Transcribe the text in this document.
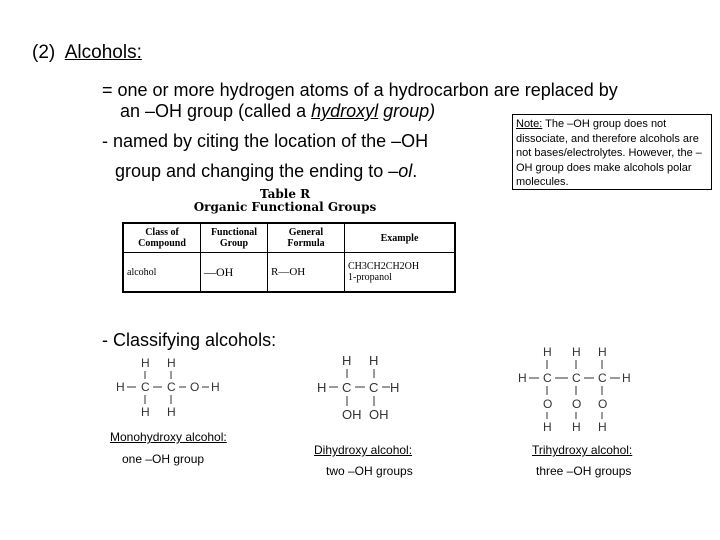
(2) Alcohols:
= one or more hydrogen atoms of a hydrocarbon are replaced by
an –OH group (called a hydroxyl group)
- named by citing the location of the –OH
group and changing the ending to –ol.
Note: The –OH group does not dissociate, and therefore alcohols are not bases/electrolytes. However, the –OH group does make alcohols polar molecules.
Table R
Organic Functional Groups
Class of Compound	Functional Group	General Formula	Example
alcohol	—OH	R—OH	CH3CH2CH2OH
1-propanol
- Classifying alcohols:
H H
H C C O H
H H
H H
H C C H
OH OH
H H H
H C C C H
O O O
H H H
Monohydroxy alcohol:
one –OH group
Dihydroxy alcohol:
two –OH groups
Trihydroxy alcohol:
three –OH groups
